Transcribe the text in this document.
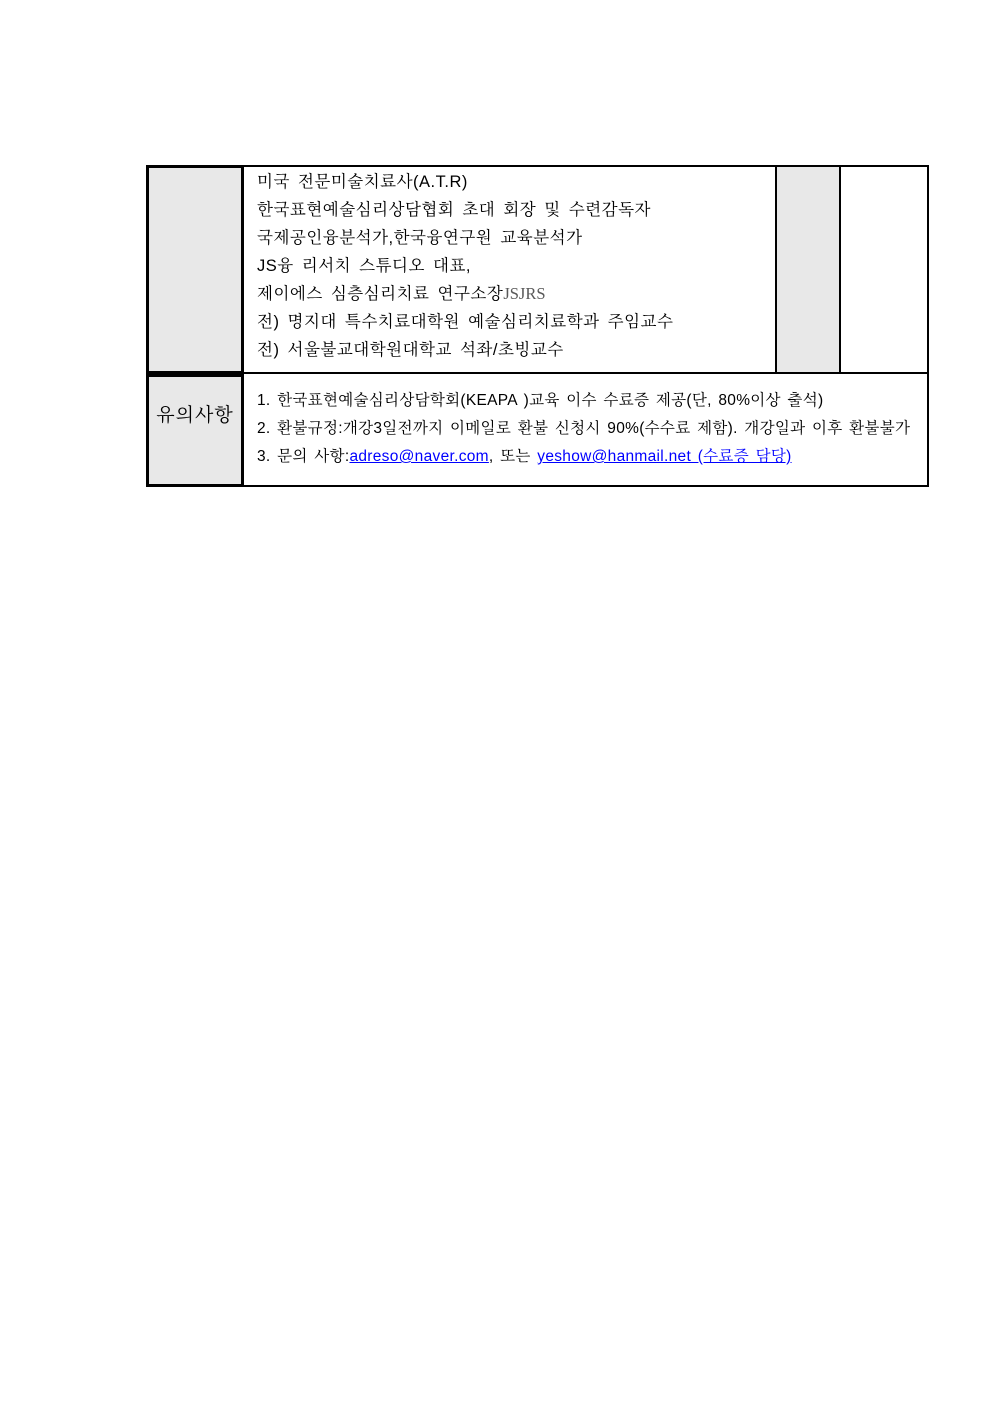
미국 전문미술치료사(A.T.R)
한국표현예술심리상담협회 초대 회장 및 수련감독자
국제공인융분석가,한국융연구원 교육분석가
JS융 리서치 스튜디오 대표,
제이에스 심층심리치료 연구소장JSJRS
전) 명지대 특수치료대학원 예술심리치료학과 주임교수
전) 서울불교대학원대학교 석좌/초빙교수
유의사항
1. 한국표현예술심리상담학회(KEAPA )교육 이수 수료증 제공(단, 80%이상 출석)
2. 환불규정:개강3일전까지 이메일로 환불 신청시 90%(수수료 제함). 개강일과 이후 환불불가
3. 문의 사항:adreso@naver.com, 또는 yeshow@hanmail.net (수료증 담당)
